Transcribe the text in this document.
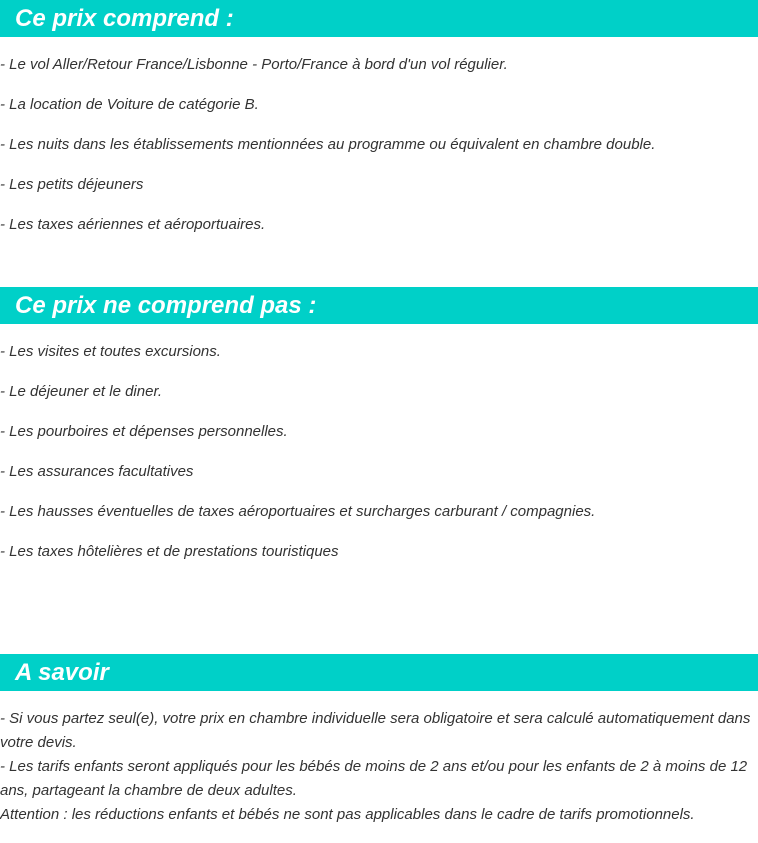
Ce prix comprend :
- Le vol Aller/Retour France/Lisbonne - Porto/France à bord d'un vol régulier.
- La location de Voiture de catégorie B.
- Les nuits dans les établissements mentionnées au programme ou équivalent en chambre double.
- Les petits déjeuners
- Les taxes aériennes et aéroportuaires.
Ce prix ne comprend pas :
- Les visites et toutes excursions.
- Le déjeuner et le diner.
- Les pourboires et dépenses personnelles.
- Les assurances facultatives
- Les hausses éventuelles de taxes aéroportuaires et surcharges carburant / compagnies.
- Les taxes hôtelières et de prestations touristiques
A savoir

- Si vous partez seul(e), votre prix en chambre individuelle sera obligatoire et sera calculé automatiquement dans votre devis.

- Les tarifs enfants seront appliqués pour les bébés de moins de 2 ans et/ou pour les enfants de 2 à moins de 12 ans, partageant la chambre de deux adultes.

Attention : les réductions enfants et bébés ne sont pas applicables dans le cadre de tarifs promotionnels.
